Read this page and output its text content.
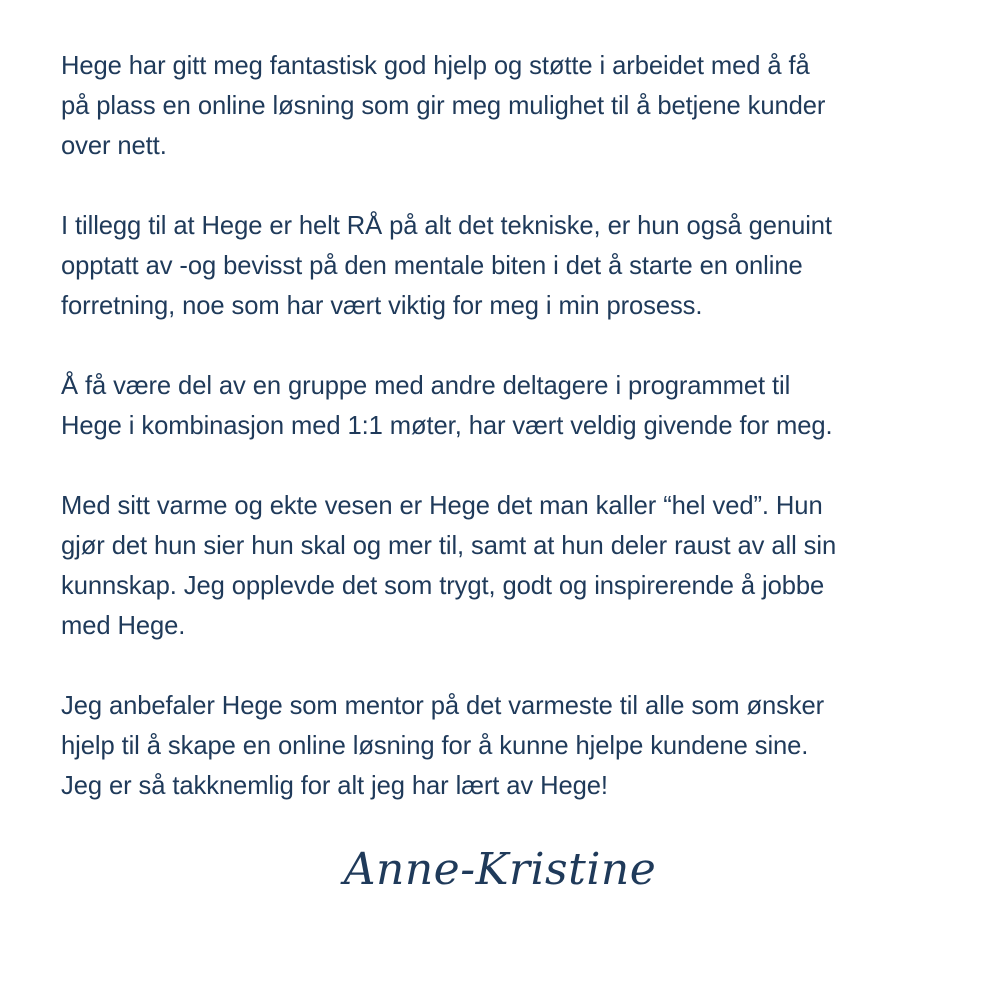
Hege har gitt meg fantastisk god hjelp og støtte i arbeidet med å få
på plass en online løsning som gir meg mulighet til å betjene kunder
over nett.

I tillegg til at Hege er helt RÅ på alt det tekniske, er hun også genuint
opptatt av -og bevisst på den mentale biten i det å starte en online
forretning, noe som har vært viktig for meg i min prosess.

Å få være del av en gruppe med andre deltagere i programmet til
Hege i kombinasjon med 1:1 møter, har vært veldig givende for meg.

Med sitt varme og ekte vesen er Hege det man kaller “hel ved”. Hun
gjør det hun sier hun skal og mer til, samt at hun deler raust av all sin
kunnskap. Jeg opplevde det som trygt, godt og inspirerende å jobbe
med Hege.

Jeg anbefaler Hege som mentor på det varmeste til alle som ønsker
hjelp til å skape en online løsning for å kunne hjelpe kundene sine.
Jeg er så takknemlig for alt jeg har lært av Hege!

Anne-Kristine
